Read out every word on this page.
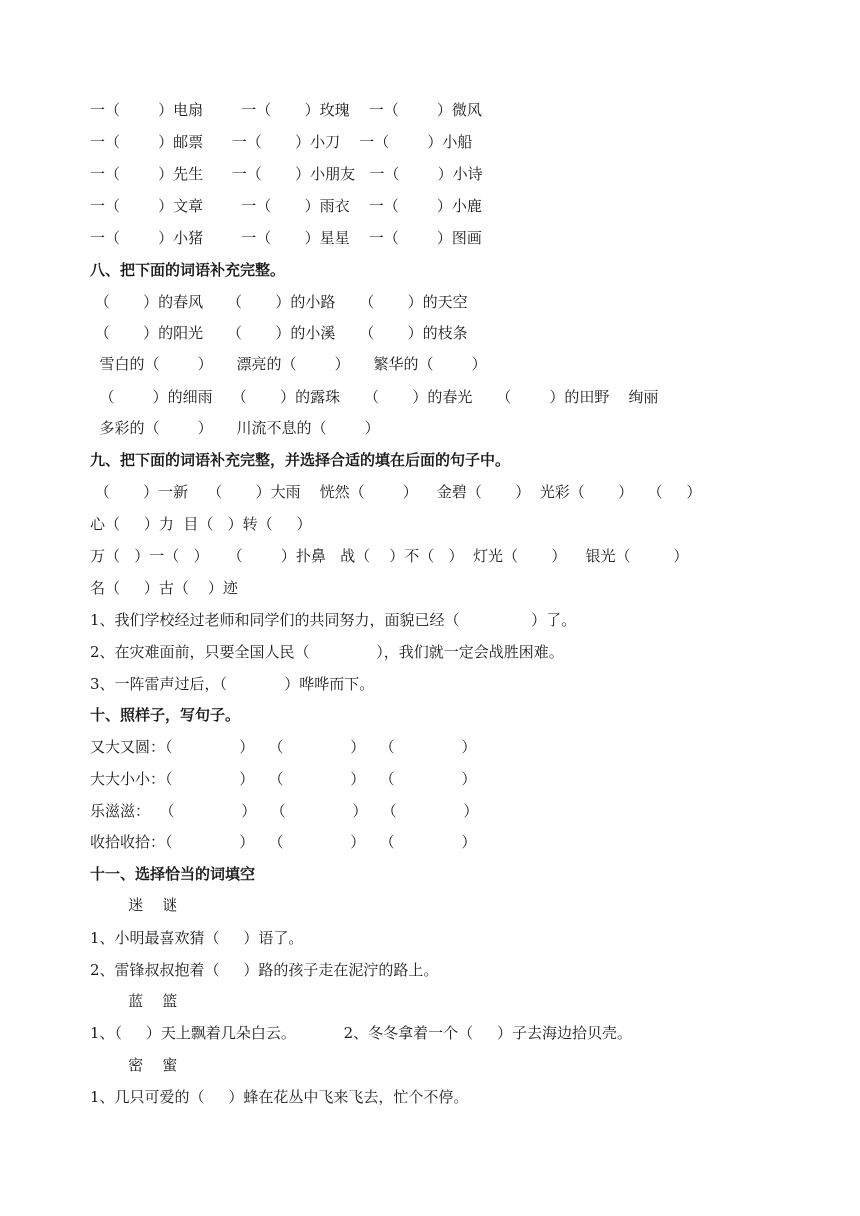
一（        ）电扇        一（       ）玫瑰    一（        ）微风
一（        ）邮票      一（       ）小刀    一（        ）小船
一（        ）先生      一（       ）小朋友   一（        ）小诗
一（        ）文章        一（       ）雨衣    一（        ）小鹿
一（        ）小猪        一（       ）星星    一（        ）图画
八、把下面的词语补充完整。
（       ）的春风     （       ）的小路     （       ）的天空
（       ）的阳光     （       ）的小溪     （       ）的枝条
雪白的（        ）     漂亮的（        ）     繁华的（        ）
（        ）的细雨    （       ）的露珠     （       ）的春光     （        ）的田野    绚丽
多彩的（        ）     川流不息的（        ）
九、把下面的词语补充完整，并选择合适的填在后面的句子中。
（       ）一新    （       ）大雨    恍然（        ）    金碧（       ）  光彩（       ）   （     ）
心（     ）力  目（   ）转（     ）
万（   ）一（   ）    （        ）扑鼻   战（    ）不（   ）  灯光（       ）    银光（         ）
名（     ）古（    ）迹
1、我们学校经过老师和同学们的共同努力，面貌已经（               ）了。
2、在灾难面前，只要全国人民（              ），我们就一定会战胜困难。
3、一阵雷声过后，（            ）哗哗而下。
十、照样子，写句子。
又大又圆：（              ）   （              ）   （              ）
大大小小：（              ）   （              ）   （              ）
乐滋滋：  （              ）   （              ）   （              ）
收拾收拾：（              ）   （              ）   （              ）
十一、选择恰当的词填空
迷    谜
1、小明最喜欢猜（     ）语了。
2、雷锋叔叔抱着（     ）路的孩子走在泥泞的路上。
蓝    篮
1、（     ）天上飘着几朵白云。          2、冬冬拿着一个（     ）子去海边拾贝壳。
密    蜜
1、几只可爱的（     ）蜂在花丛中飞来飞去，忙个不停。
